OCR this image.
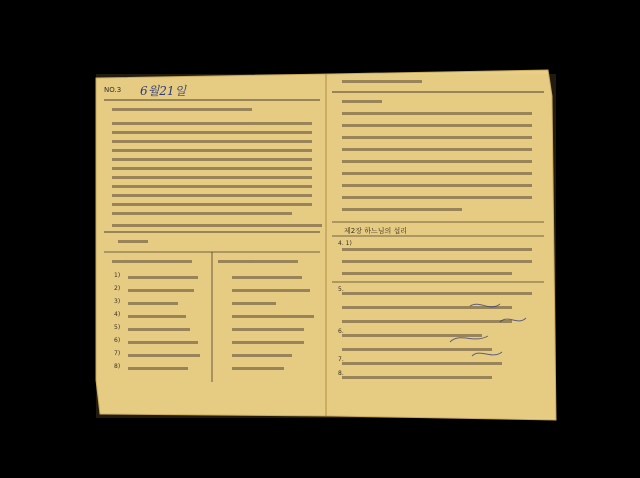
NO.3 6월21일
1)
2)
3)
4)
5)
6)
7)
8)
제2장 하느님의 섭리
4. 1)
5.
6.
7.
8.
